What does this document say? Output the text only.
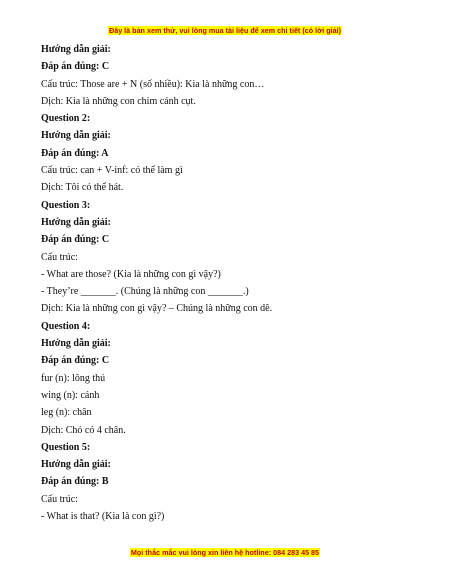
Đây là bản xem thử, vui lòng mua tài liệu để xem chi tiết (có lời giải)
Hướng dẫn giải:
Đáp án đúng: C
Cấu trúc: Those are + N (số nhiều): Kia là những con…
Dịch: Kia là những con chim cánh cụt.
Question 2:
Hướng dẫn giải:
Đáp án đúng: A
Cấu trúc: can + V-inf: có thể làm gì
Dịch: Tôi có thể hát.
Question 3:
Hướng dẫn giải:
Đáp án đúng: C
Cấu trúc:
- What are those? (Kia là những con gì vậy?)
- They’re _______. (Chúng là những con _______.)
Dịch: Kia là những con gì vậy? – Chúng là những con dê.
Question 4:
Hướng dẫn giải:
Đáp án đúng: C
fur (n): lông thú
wing (n): cánh
leg (n): chân
Dịch: Chó có 4 chân.
Question 5:
Hướng dẫn giải:
Đáp án đúng: B
Cấu trúc:
- What is that? (Kia là con gì?)
Mọi thắc mắc vui lòng xin liên hệ hotline: 084 283 45 85
